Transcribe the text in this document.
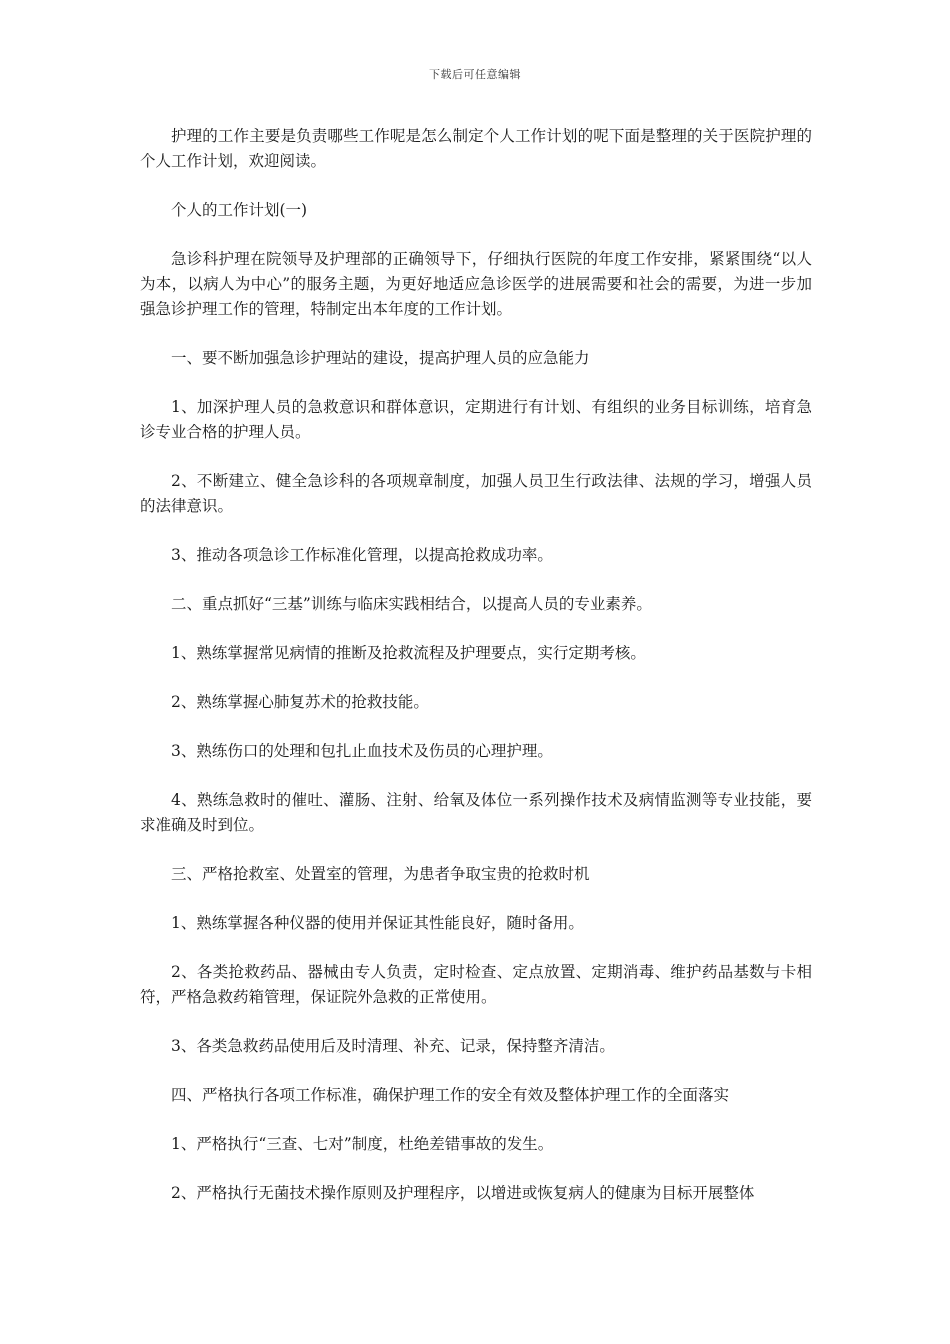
下载后可任意编辑

护理的工作主要是负责哪些工作呢是怎么制定个人工作计划的呢下面是整理的关于医院护理的个人工作计划，欢迎阅读。

个人的工作计划(一)

急诊科护理在院领导及护理部的正确领导下，仔细执行医院的年度工作安排，紧紧围绕“以人为本，以病人为中心”的服务主题，为更好地适应急诊医学的进展需要和社会的需要，为进一步加强急诊护理工作的管理，特制定出本年度的工作计划。

一、要不断加强急诊护理站的建设，提高护理人员的应急能力

1、加深护理人员的急救意识和群体意识，定期进行有计划、有组织的业务目标训练，培育急诊专业合格的护理人员。

2、不断建立、健全急诊科的各项规章制度，加强人员卫生行政法律、法规的学习，增强人员的法律意识。

3、推动各项急诊工作标准化管理，以提高抢救成功率。

二、重点抓好“三基”训练与临床实践相结合，以提高人员的专业素养。

1、熟练掌握常见病情的推断及抢救流程及护理要点，实行定期考核。

2、熟练掌握心肺复苏术的抢救技能。

3、熟练伤口的处理和包扎止血技术及伤员的心理护理。

4、熟练急救时的催吐、灌肠、注射、给氧及体位一系列操作技术及病情监测等专业技能，要求准确及时到位。

三、严格抢救室、处置室的管理，为患者争取宝贵的抢救时机

1、熟练掌握各种仪器的使用并保证其性能良好，随时备用。

2、各类抢救药品、器械由专人负责，定时检查、定点放置、定期消毒、维护药品基数与卡相符，严格急救药箱管理，保证院外急救的正常使用。

3、各类急救药品使用后及时清理、补充、记录，保持整齐清洁。

四、严格执行各项工作标准，确保护理工作的安全有效及整体护理工作的全面落实

1、严格执行“三查、七对”制度，杜绝差错事故的发生。

2、严格执行无菌技术操作原则及护理程序，以增进或恢复病人的健康为目标开展整体
